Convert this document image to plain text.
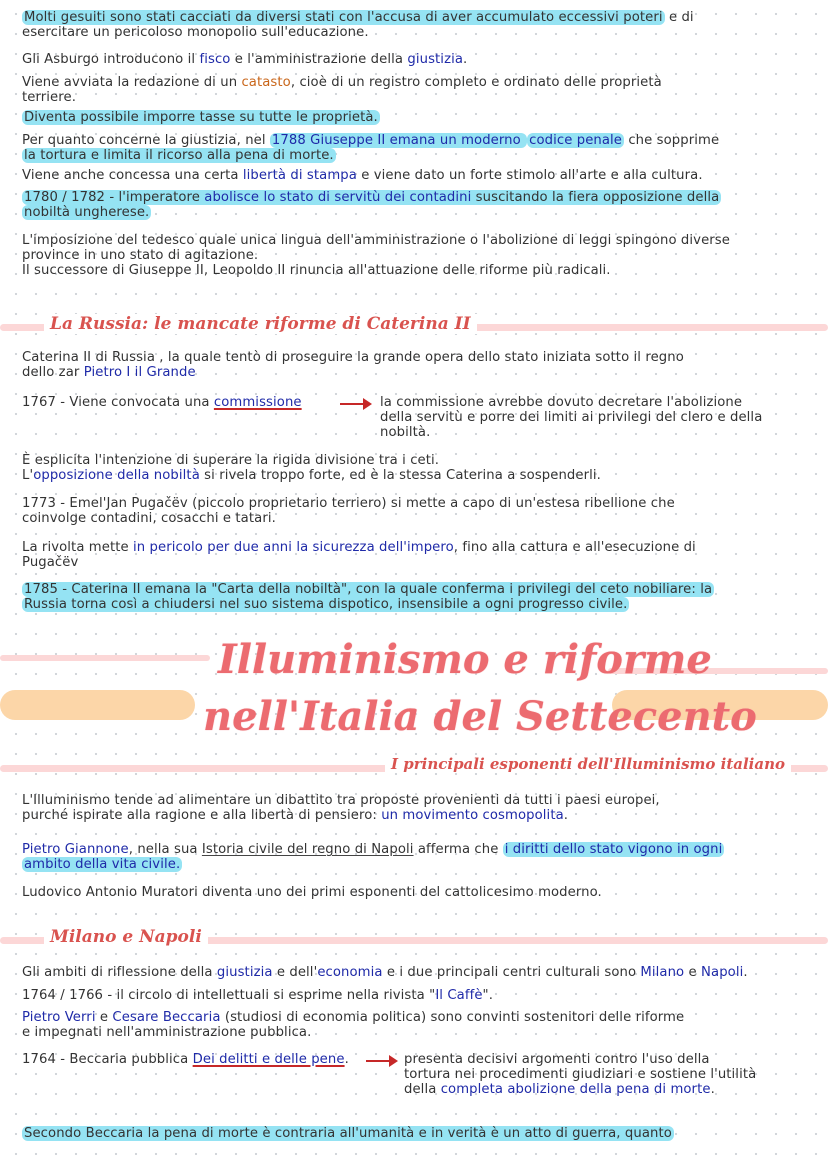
Molti gesuiti sono stati cacciati da diversi stati con l'accusa di aver accumulato eccessivi poteri e di
esercitare un pericoloso monopolio sull'educazione.
Gli Asburgo introducono il fisco e l'amministrazione della giustizia.
Viene avviata la redazione di un catasto, cioè di un registro completo e ordinato delle proprietà
terriere.
Diventa possibile imporre tasse su tutte le proprietà.
Per quanto concerne la giustizia, nel 1788 Giuseppe II emana un moderno codice penale che sopprime
la tortura e limita il ricorso alla pena di morte.
Viene anche concessa una certa libertà di stampa e viene dato un forte stimolo all'arte e alla cultura.
1780 / 1782 - l'imperatore abolisce lo stato di servitù dei contadini suscitando la fiera opposizione della
nobiltà ungherese.
L'imposizione del tedesco quale unica lingua dell'amministrazione o l'abolizione di leggi spingono diverse
province in uno stato di agitazione.
Il successore di Giuseppe II, Leopoldo II rinuncia all'attuazione delle riforme più radicali.
La Russia: le mancate riforme di Caterina II
Caterina II di Russia , la quale tentò di proseguire la grande opera dello stato iniziata sotto il regno
dello zar Pietro I il Grande
1767 - Viene convocata una commissione	la commissione avrebbe dovuto decretare l'abolizione
della servitù e porre dei limiti ai privilegi del clero e della
nobiltà.
È esplicita l'intenzione di superare la rigida divisione tra i ceti.
L'opposizione della nobiltà si rivela troppo forte, ed è la stessa Caterina a sospenderli.
1773 - Emel'Jan Pugačëv (piccolo proprietario terriero) si mette a capo di un'estesa ribellione che
coinvolge contadini, cosacchi e tatari.
La rivolta mette in pericolo per due anni la sicurezza dell'impero, fino alla cattura e all'esecuzione di
Pugačëv
1785 - Caterina II emana la "Carta della nobiltà", con la quale conferma i privilegi del ceto nobiliare: la
Russia torna così a chiudersi nel suo sistema dispotico, insensibile a ogni progresso civile.
Illuminismo e riforme
nell'Italia del Settecento
I principali esponenti dell'Illuminismo italiano
L'Illuminismo tende ad alimentare un dibattito tra proposte provenienti da tutti i paesi europei,
purché ispirate alla ragione e alla libertà di pensiero: un movimento cosmopolita.
Pietro Giannone, nella sua Istoria civile del regno di Napoli afferma che i diritti dello stato vigono in ogni
ambito della vita civile.
Ludovico Antonio Muratori diventa uno dei primi esponenti del cattolicesimo moderno.
Milano e Napoli
Gli ambiti di riflessione della giustizia e dell'economia e i due principali centri culturali sono Milano e Napoli.
1764 / 1766 - il circolo di intellettuali si esprime nella rivista "Il Caffè".
Pietro Verri e Cesare Beccaria (studiosi di economia politica) sono convinti sostenitori delle riforme
e impegnati nell'amministrazione pubblica.
1764 - Beccaria pubblica Dei delitti e delle pene.	presenta decisivi argomenti contro l'uso della
tortura nei procedimenti giudiziari e sostiene l'utilità
della completa abolizione della pena di morte.
Secondo Beccaria la pena di morte è contraria all'umanità e in verità è un atto di guerra, quanto
